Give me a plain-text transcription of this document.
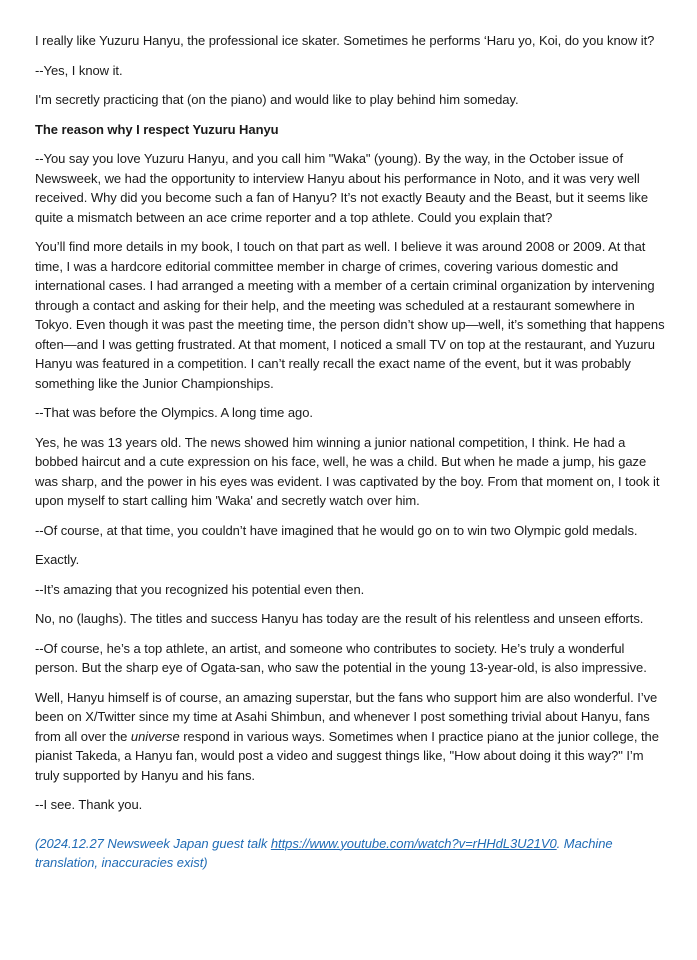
I really like Yuzuru Hanyu, the professional ice skater. Sometimes he performs ‘Haru yo, Koi, do you know it?

--Yes, I know it.

I'm secretly practicing that (on the piano) and would like to play behind him someday.

The reason why I respect Yuzuru Hanyu

--You say you love Yuzuru Hanyu, and you call him "Waka" (young). By the way, in the October issue of Newsweek, we had the opportunity to interview Hanyu about his performance in Noto, and it was very well received. Why did you become such a fan of Hanyu? It’s not exactly Beauty and the Beast, but it seems like quite a mismatch between an ace crime reporter and a top athlete. Could you explain that?

You’ll find more details in my book, I touch on that part as well. I believe it was around 2008 or 2009. At that time, I was a hardcore editorial committee member in charge of crimes, covering various domestic and international cases. I had arranged a meeting with a member of a certain criminal organization by intervening through a contact and asking for their help, and the meeting was scheduled at a restaurant somewhere in Tokyo. Even though it was past the meeting time, the person didn’t show up—well, it’s something that happens often—and I was getting frustrated. At that moment, I noticed a small TV on top at the restaurant, and Yuzuru Hanyu was featured in a competition. I can’t really recall the exact name of the event, but it was probably something like the Junior Championships.

--That was before the Olympics. A long time ago.

Yes, he was 13 years old. The news showed him winning a junior national competition, I think. He had a bobbed haircut and a cute expression on his face, well, he was a child. But when he made a jump, his gaze was sharp, and the power in his eyes was evident. I was captivated by the boy. From that moment on, I took it upon myself to start calling him 'Waka' and secretly watch over him.

--Of course, at that time, you couldn’t have imagined that he would go on to win two Olympic gold medals.

Exactly.

--It’s amazing that you recognized his potential even then.

No, no (laughs). The titles and success Hanyu has today are the result of his relentless and unseen efforts.

--Of course, he’s a top athlete, an artist, and someone who contributes to society. He’s truly a wonderful person. But the sharp eye of Ogata-san, who saw the potential in the young 13-year-old, is also impressive.

Well, Hanyu himself is of course, an amazing superstar, but the fans who support him are also wonderful. I’ve been on X/Twitter since my time at Asahi Shimbun, and whenever I post something trivial about Hanyu, fans from all over the universe respond in various ways. Sometimes when I practice piano at the junior college, the pianist Takeda, a Hanyu fan, would post a video and suggest things like, "How about doing it this way?" I’m truly supported by Hanyu and his fans.

--I see. Thank you.

(2024.12.27 Newsweek Japan guest talk https://www.youtube.com/watch?v=rHHdL3U21V0. Machine translation, inaccuracies exist)
